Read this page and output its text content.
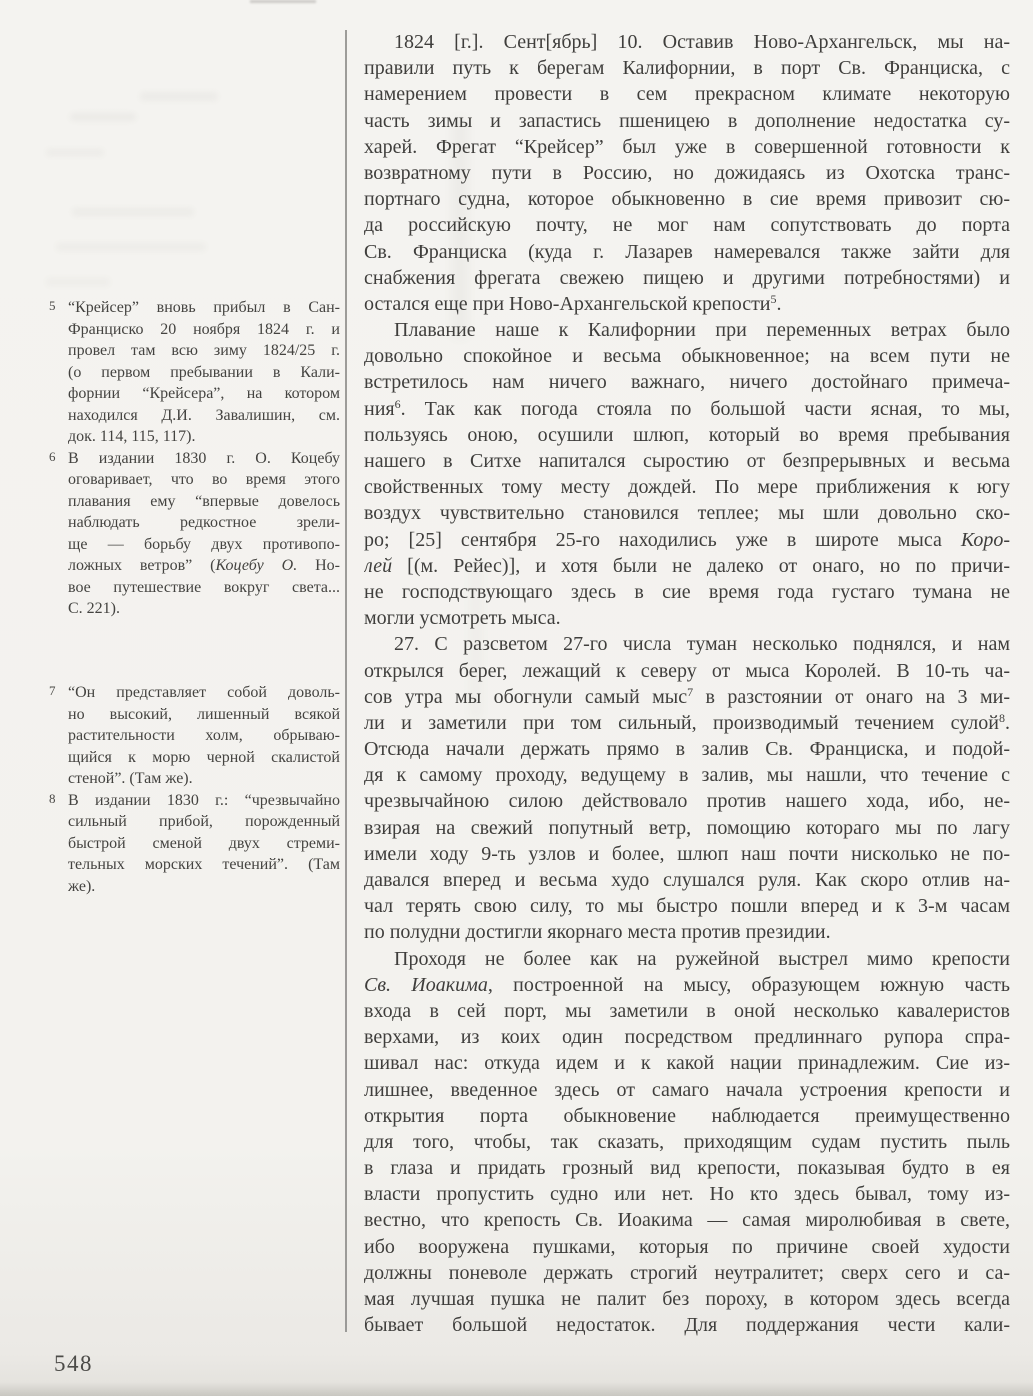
5 “Крейсер” вновь прибыл в Сан-
Франциско 20 ноября 1824 г. и
провел там всю зиму 1824/25 г.
(о первом пребывании в Кали-
форнии “Крейсера”, на котором
находился Д.И. Завалишин, см.
док. 114, 115, 117).
6 В издании 1830 г. О. Коцебу
оговаривает, что во время этого
плавания ему “впервые довелось
наблюдать редкостное зрели-
ще — борьбу двух противопо-
ложных ветров” (Коцебу О. Но-
вое путешествие вокруг света...
С. 221).
7 “Он представляет собой доволь-
но высокий, лишенный всякой
растительности холм, обрываю-
щийся к морю черной скалистой
стеной”. (Там же).
8 В издании 1830 г.: “чрезвычайно
сильный прибой, порожденный
быстрой сменой двух стреми-
тельных морских течений”. (Там
же).
1824 [г.]. Сент[ябрь] 10. Оставив Ново-Архангельск, мы на-
правили путь к берегам Калифорнии, в порт Св. Франциска, с
намерением провести в сем прекрасном климате некоторую
часть зимы и запастись пшеницею в дополнение недостатка су-
харей. Фрегат “Крейсер” был уже в совершенной готовности к
возвратному пути в Россию, но дожидаясь из Охотска транс-
портнаго судна, которое обыкновенно в сие время привозит сю-
да российскую почту, не мог нам сопутствовать до порта
Св. Франциска (куда г. Лазарев намеревался также зайти для
снабжения фрегата свежею пищею и другими потребностями) и
остался еще при Ново-Архангельской крепости$^5$.
Плавание наше к Калифорнии при переменных ветрах было
довольно спокойное и весьма обыкновенное; на всем пути не
встретилось нам ничего важнаго, ничего достойнаго примеча-
ния$^6$. Так как погода стояла по большой части ясная, то мы,
пользуясь оною, осушили шлюп, который во время пребывания
нашего в Ситхе напитался сыростию от безпрерывных и весьма
свойственных тому месту дождей. По мере приближения к югу
воздух чувствительно становился теплее; мы шли довольно ско-
ро; [25] сентября 25-го находились уже в широте мыса Коро-
лей [(м. Рейес)], и хотя были не далеко от онаго, но по причи-
не господствующаго здесь в сие время года густаго тумана не
могли усмотреть мыса.
27. С разсветом 27-го числа туман несколько поднялся, и нам
открылся берег, лежащий к северу от мыса Королей. В 10-ть ча-
сов утра мы обогнули самый мыс$^7$ в разстоянии от онаго на 3 ми-
ли и заметили при том сильный, производимый течением сулой$^8$.
Отсюда начали держать прямо в залив Св. Франциска, и подой-
дя к самому проходу, ведущему в залив, мы нашли, что течение с
чрезвычайною силою действовало против нашего хода, ибо, не-
взирая на свежий попутный ветр, помощию котораго мы по лагу
имели ходу 9-ть узлов и более, шлюп наш почти нисколько не по-
давался вперед и весьма худо слушался руля. Как скоро отлив на-
чал терять свою силу, то мы быстро пошли вперед и к 3-м часам
по полудни достигли якорнаго места против президии.
Проходя не более как на ружейной выстрел мимо крепости
Св. Иоакима, построенной на мысу, образующем южную часть
входа в сей порт, мы заметили в оной несколько кавалеристов
верхами, из коих один посредством предлиннаго рупора спра-
шивал нас: откуда идем и к какой нации принадлежим. Сие из-
лишнее, введенное здесь от самаго начала устроения крепости и
открытия порта обыкновение наблюдается преимущественно
для того, чтобы, так сказать, приходящим судам пустить пыль
в глаза и придать грозный вид крепости, показывая будто в ея
власти пропустить судно или нет. Но кто здесь бывал, тому из-
вестно, что крепость Св. Иоакима — самая миролюбивая в свете,
ибо вооружена пушками, которыя по причине своей худости
должны поневоле держать строгий неутралитет; сверх сего и са-
мая лучшая пушка не палит без пороху, в котором здесь всегда
бывает большой недостаток. Для поддержания чести кали-
548
